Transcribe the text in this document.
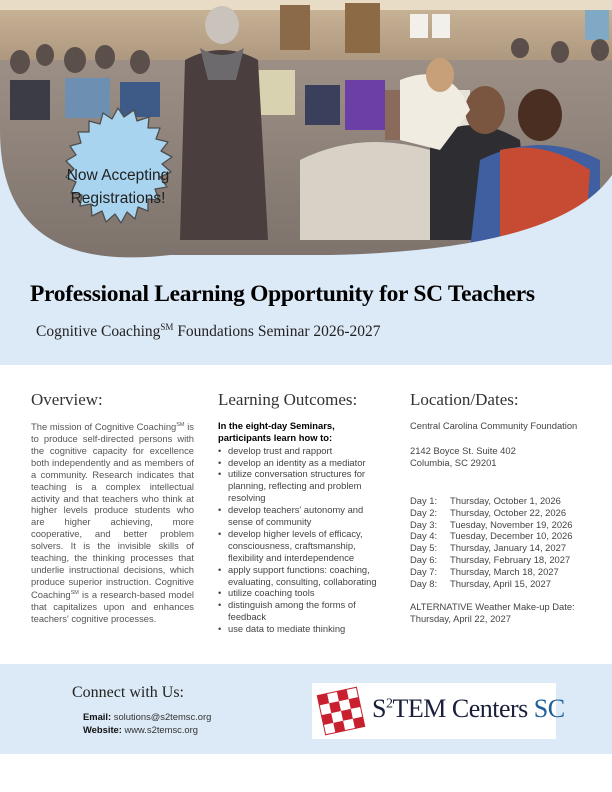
Now Accepting
Registrations!
Professional Learning Opportunity for SC Teachers

Cognitive Coaching℠ Foundations Seminar 2026-2027

Overview:

The mission of Cognitive Coaching℠ is to produce self-directed persons with the cognitive capacity for excellence both independently and as members of a community. Research indicates that teaching is a complex intellectual activity and that teachers who think at higher levels produce students who are higher achieving, more cooperative, and better problem solvers. It is the invisible skills of teaching, the thinking processes that underlie instructional decisions, which produce superior instruction. Cognitive Coaching℠ is a research-based model that capitalizes upon and enhances teachers' cognitive processes.

Learning Outcomes:

In the eight-day Seminars, participants learn how to:

• develop trust and rapport
• develop an identity as a mediator
• utilize conversation structures for planning, reflecting and problem resolving
• develop teachers' autonomy and sense of community
• develop higher levels of efficacy, consciousness, craftsmanship, flexibility and interdependence
• apply support functions: coaching, evaluating, consulting, collaborating
• utilize coaching tools
• distinguish among the forms of feedback
• use data to mediate thinking
Location/Dates:

Central Carolina Community Foundation

2142 Boyce St. Suite 402

Columbia, SC 29201

Day 1: Thursday, October 1, 2026
Day 2: Thursday, October 22, 2026
Day 3: Tuesday, November 19, 2026
Day 4: Tuesday, December 10, 2026
Day 5: Thursday, January 14, 2027
Day 6: Thursday, February 18, 2027
Day 7: Thursday, March 18, 2027
Day 8: Thursday, April 15, 2027

ALTERNATIVE Weather Make-up Date:

Thursday, April 22, 2027

Connect with Us:
Email: solutions@s2temsc.org
Website: www.s2temsc.org
$S^2TEM$ Centers SC
